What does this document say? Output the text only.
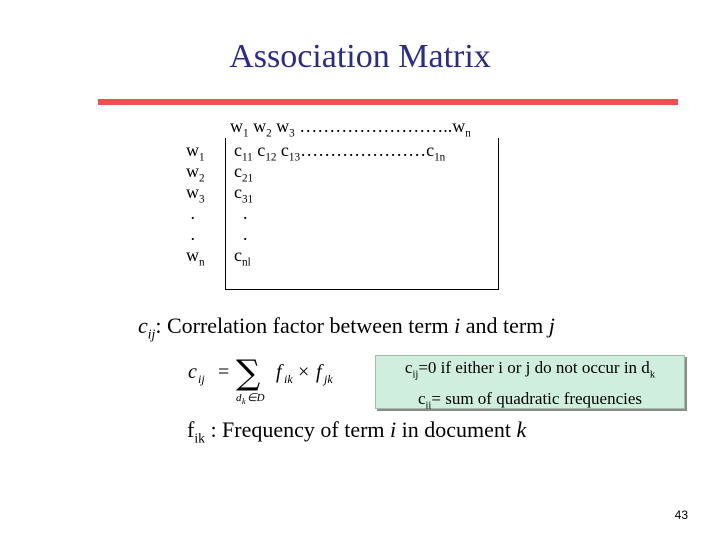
Association Matrix
$w_1$ $w_2$ $w_3$ $\dots\dots\dots\dots\dots\dots\dots\dots..w_n$
$w_1$
$w_2$
$w_3$
.
.
$w_n$
$c_{11}$ $c_{12}$ $c_{13}\dots\dots\dots\dots\dots\dots\dots c_{1n}$
$c_{21}$
$c_{31}$
.
.
$c_{nl}$
$c_{ij}$: Correlation factor between term i and term j
c ij = ∑ f ik × f jk
d k ∈D
$c_{ij}=0$ if either i or j do not occur in $d_k$
$c_{ii}=$ sum of quadratic frequencies
$f_{ik}$ : Frequency of term i in document k
43
